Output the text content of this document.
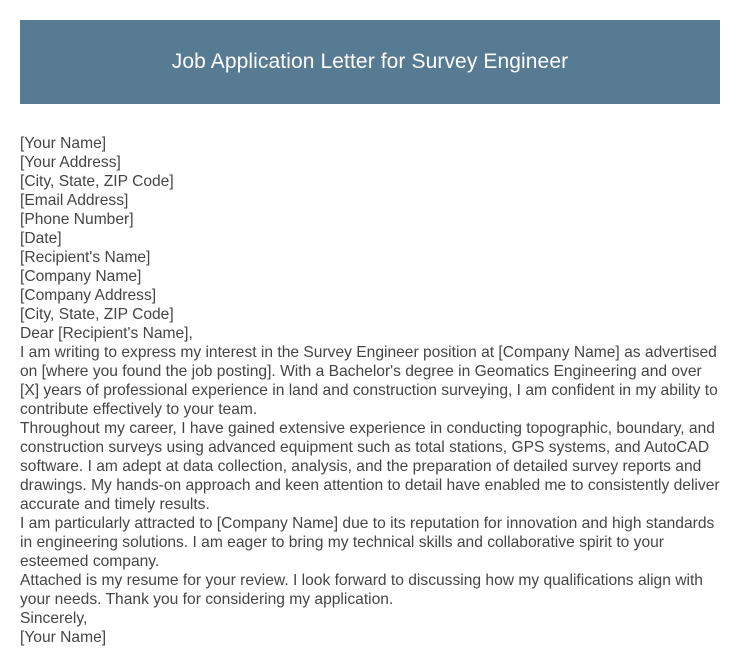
Job Application Letter for Survey Engineer

[Your Name]

[Your Address]

[City, State, ZIP Code]

[Email Address]

[Phone Number]

[Date]

[Recipient's Name]

[Company Name]

[Company Address]

[City, State, ZIP Code]

Dear [Recipient's Name],

I am writing to express my interest in the Survey Engineer position at [Company Name] as advertised on [where you found the job posting]. With a Bachelor's degree in Geomatics Engineering and over [X] years of professional experience in land and construction surveying, I am confident in my ability to contribute effectively to your team.

Throughout my career, I have gained extensive experience in conducting topographic, boundary, and construction surveys using advanced equipment such as total stations, GPS systems, and AutoCAD software. I am adept at data collection, analysis, and the preparation of detailed survey reports and drawings. My hands-on approach and keen attention to detail have enabled me to consistently deliver accurate and timely results.

I am particularly attracted to [Company Name] due to its reputation for innovation and high standards in engineering solutions. I am eager to bring my technical skills and collaborative spirit to your esteemed company.

Attached is my resume for your review. I look forward to discussing how my qualifications align with your needs. Thank you for considering my application.

Sincerely,

[Your Name]
